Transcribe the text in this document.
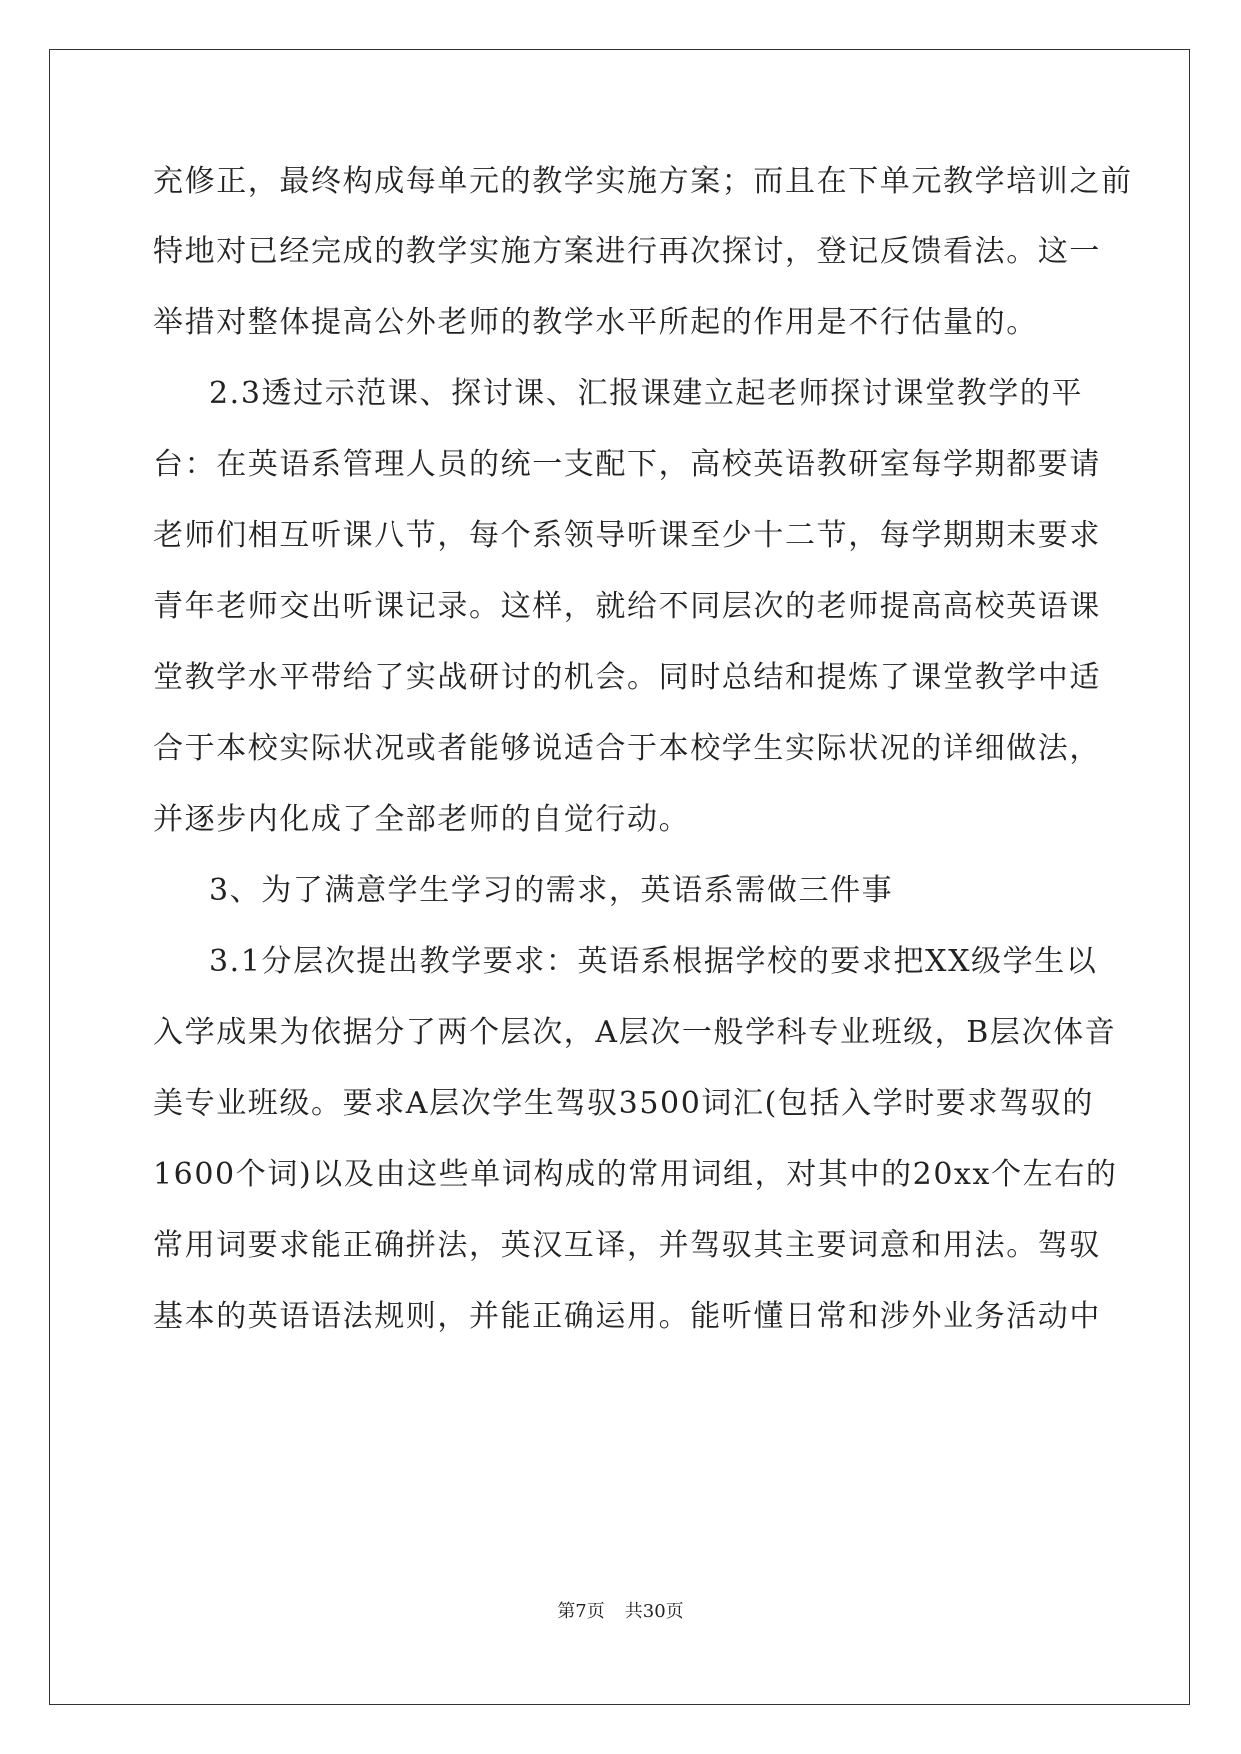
充修正，最终构成每单元的教学实施方案；而且在下单元教学培训之前
特地对已经完成的教学实施方案进行再次探讨，登记反馈看法。这一
举措对整体提高公外老师的教学水平所起的作用是不行估量的。
2.3透过示范课、探讨课、汇报课建立起老师探讨课堂教学的平
台：在英语系管理人员的统一支配下，高校英语教研室每学期都要请
老师们相互听课八节，每个系领导听课至少十二节，每学期期末要求
青年老师交出听课记录。这样，就给不同层次的老师提高高校英语课
堂教学水平带给了实战研讨的机会。同时总结和提炼了课堂教学中适
合于本校实际状况或者能够说适合于本校学生实际状况的详细做法，
并逐步内化成了全部老师的自觉行动。
3、为了满意学生学习的需求，英语系需做三件事
3.1分层次提出教学要求：英语系根据学校的要求把XX级学生以
入学成果为依据分了两个层次，A层次一般学科专业班级，B层次体音
美专业班级。要求A层次学生驾驭3500词汇(包括入学时要求驾驭的
1600个词)以及由这些单词构成的常用词组，对其中的20xx个左右的
常用词要求能正确拼法，英汉互译，并驾驭其主要词意和用法。驾驭
基本的英语语法规则，并能正确运用。能听懂日常和涉外业务活动中
第7页 共30页
